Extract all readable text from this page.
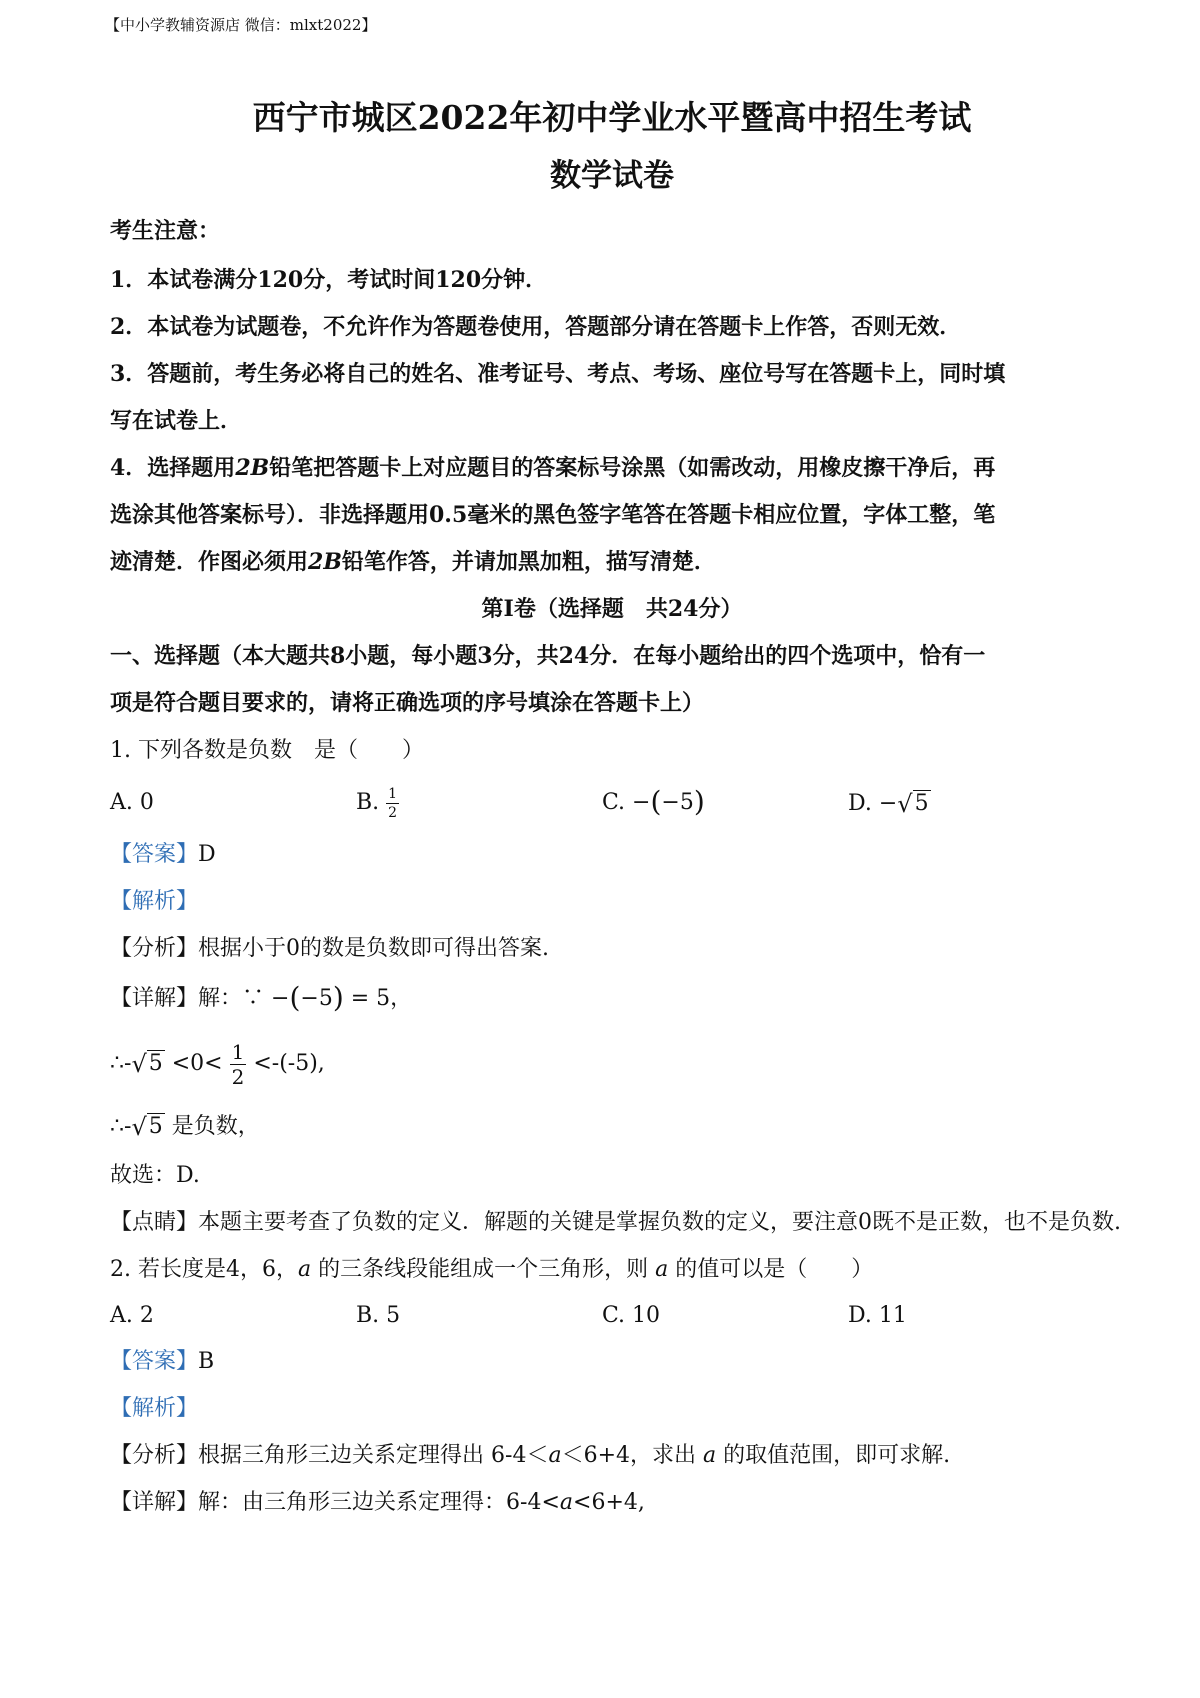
【中小学教辅资源店 微信：mlxt2022】
西宁市城区2022年初中学业水平暨高中招生考试
数学试卷
考生注意：
1．本试卷满分120分，考试时间120分钟．
2．本试卷为试题卷，不允许作为答题卷使用，答题部分请在答题卡上作答，否则无效．
3．答题前，考生务必将自己的姓名、准考证号、考点、考场、座位号写在答题卡上，同时填
写在试卷上．
4．选择题用2B铅笔把答题卡上对应题目的答案标号涂黑（如需改动，用橡皮擦干净后，再
选涂其他答案标号）．非选择题用0.5毫米的黑色签字笔答在答题卡相应位置，字体工整，笔
迹清楚．作图必须用2B铅笔作答，并请加黑加粗，描写清楚．
第I卷（选择题　共24分）
一、选择题（本大题共8小题，每小题3分，共24分．在每小题给出的四个选项中，恰有一
项是符合题目要求的，请将正确选项的序号填涂在答题卡上）
1. 下列各数是负数　是（　　）
A. 0	B. $\frac{1}{2}$	C. −(−5)	D. −√5
【答案】D
【解析】
【分析】根据小于0的数是负数即可得出答案.
【详解】解：∵ −(−5) = 5，
∴-√5 $<0< \frac{1}{2} <-(-5)$,
∴-√5 是负数，
故选：D.
【点睛】本题主要考查了负数的定义．解题的关键是掌握负数的定义，要注意0既不是正数，也不是负数.
2. 若长度是4，6，a 的三条线段能组成一个三角形，则 a 的值可以是（　　）
A. 2	B. 5	C. 10	D. 11
【答案】B
【解析】
【分析】根据三角形三边关系定理得出 6-4＜a＜6+4，求出 a 的取值范围，即可求解.
【详解】解：由三角形三边关系定理得：6-4<a<6+4,
